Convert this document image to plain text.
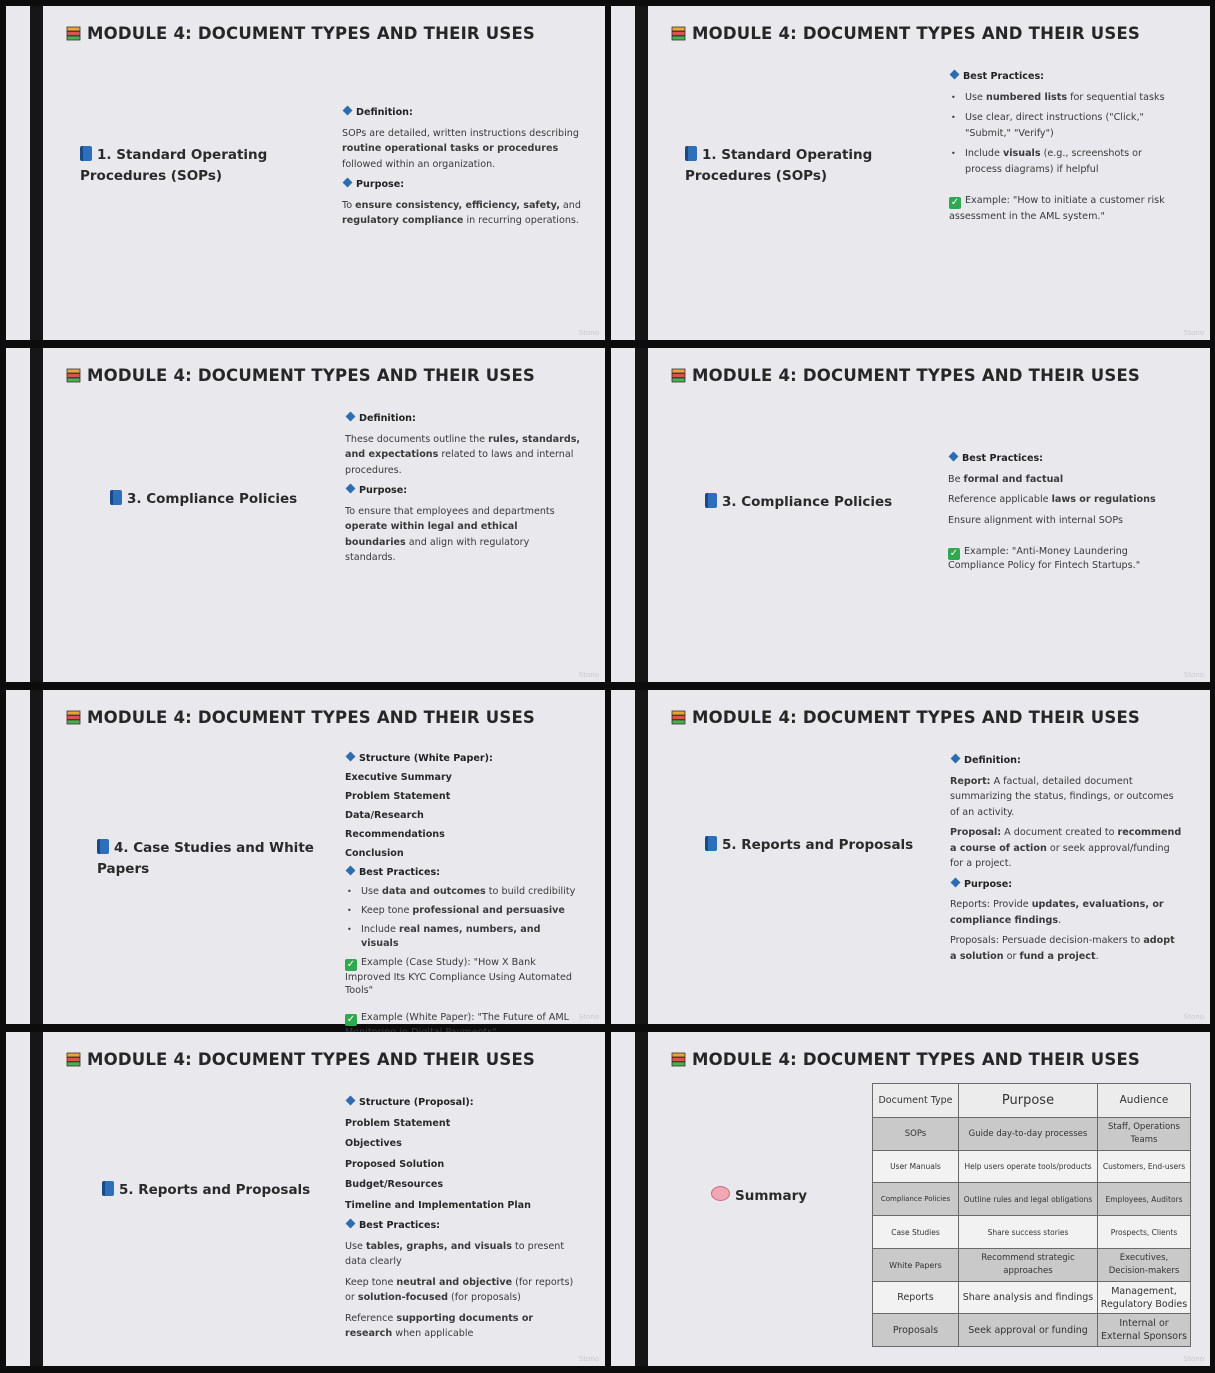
MODULE 4: DOCUMENT TYPES AND THEIR USES
1. Standard Operating Procedures (SOPs)

Definition:

SOPs are detailed, written instructions describing routine operational tasks or procedures followed within an organization.

Purpose:

To ensure consistency, efficiency, safety, and regulatory compliance in recurring operations.

Stono
MODULE 4: DOCUMENT TYPES AND THEIR USES
1. Standard Operating Procedures (SOPs)

Best Practices:

• Use numbered lists for sequential tasks

• Use clear, direct instructions ("Click," "Submit," "Verify")

• Include visuals (e.g., screenshots or process diagrams) if helpful

✓ Example: "How to initiate a customer risk assessment in the AML system."

Stono
MODULE 4: DOCUMENT TYPES AND THEIR USES
3. Compliance Policies

Definition:

These documents outline the rules, standards, and expectations related to laws and internal procedures.

Purpose:

To ensure that employees and departments operate within legal and ethical boundaries and align with regulatory standards.

Stono
MODULE 4: DOCUMENT TYPES AND THEIR USES
3. Compliance Policies

Best Practices:

Be formal and factual

Reference applicable laws or regulations

Ensure alignment with internal SOPs

✓ Example: "Anti-Money Laundering Compliance Policy for Fintech Startups."

Stono
MODULE 4: DOCUMENT TYPES AND THEIR USES
4. Case Studies and White Papers

Structure (White Paper):

Executive Summary

Problem Statement

Data/Research

Recommendations

Conclusion

Best Practices:

• Use data and outcomes to build credibility

• Keep tone professional and persuasive

• Include real names, numbers, and visuals

✓ Example (Case Study): "How X Bank Improved Its KYC Compliance Using Automated Tools"

✓ Example (White Paper): "The Future of AML	Stono
MODULE 4: DOCUMENT TYPES AND THEIR USES
5. Reports and Proposals

Definition:

Report: A factual, detailed document summarizing the status, findings, or outcomes of an activity.

Proposal: A document created to recommend a course of action or seek approval/funding for a project.

Purpose:

Reports: Provide updates, evaluations, or compliance findings.

Proposals: Persuade decision-makers to adopt a solution or fund a project.

Stono
MODULE 4: DOCUMENT TYPES AND THEIR USES
5. Reports and Proposals

Structure (Proposal):

Problem Statement

Objectives

Proposed Solution

Budget/Resources

Timeline and Implementation Plan

Best Practices:

Use tables, graphs, and visuals to present data clearly

Keep tone neutral and objective (for reports) or solution-focused (for proposals)

Reference supporting documents or research when applicable

Stono
MODULE 4: DOCUMENT TYPES AND THEIR USES
Summary
Document Type	Purpose	Audience
SOPs	Guide day-to-day processes	Staff, Operations Teams
User Manuals	Help users operate tools/products	Customers, End-users
Compliance Policies	Outline rules and legal obligations	Employees, Auditors
Case Studies	Share success stories	Prospects, Clients
White Papers	Recommend strategic approaches	Executives, Decision-makers
Reports	Share analysis and findings	Management, Regulatory Bodies
Proposals	Seek approval or funding	Internal or External Sponsors
Stono
